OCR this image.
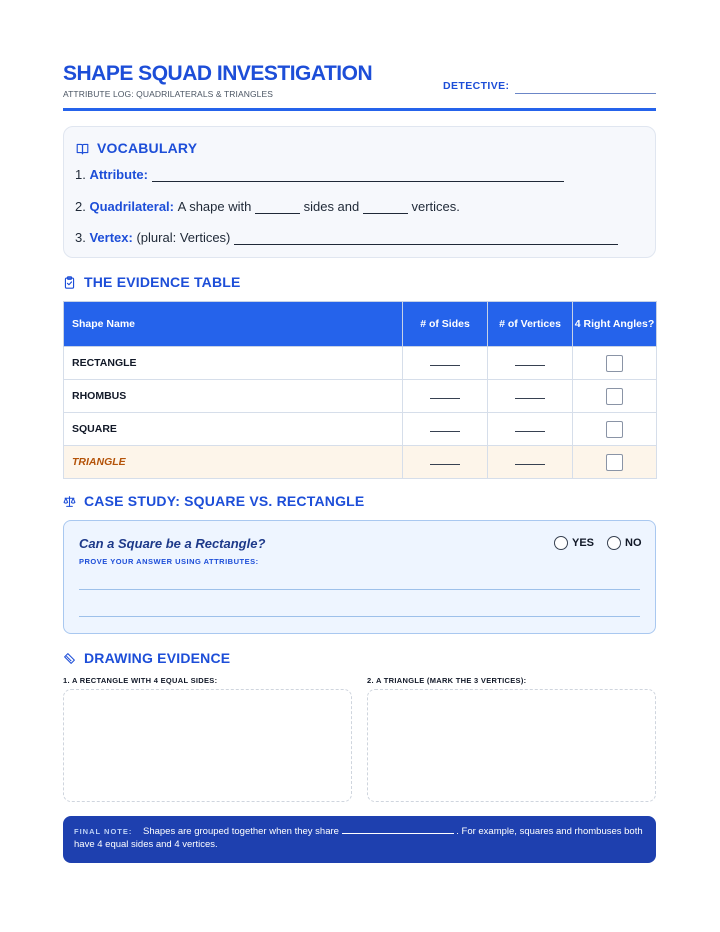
SHAPE SQUAD INVESTIGATION
ATTRIBUTE LOG: QUADRILATERALS & TRIANGLES
DETECTIVE:
VOCABULARY
1.
Attribute:

2.
Quadrilateral:
A shape with

	sides and

	vertices.
3.
Vertex:
(plural: Vertices)

THE EVIDENCE TABLE
Shape Name	# of Sides	# of Vertices	4 Right Angles?
RECTANGLE			

RHOMBUS			

SQUARE			

TRIANGLE			
CASE STUDY: SQUARE VS. RECTANGLE
Can a Square be a Rectangle?
PROVE YOUR ANSWER USING ATTRIBUTES:
YES	NO
DRAWING EVIDENCE
1. A RECTANGLE WITH 4 EQUAL SIDES:	2. A TRIANGLE (MARK THE 3 VERTICES):
FINAL NOTE: Shapes are grouped together when they share	. For example, squares and rhombuses both have 4 equal sides and 4 vertices.
